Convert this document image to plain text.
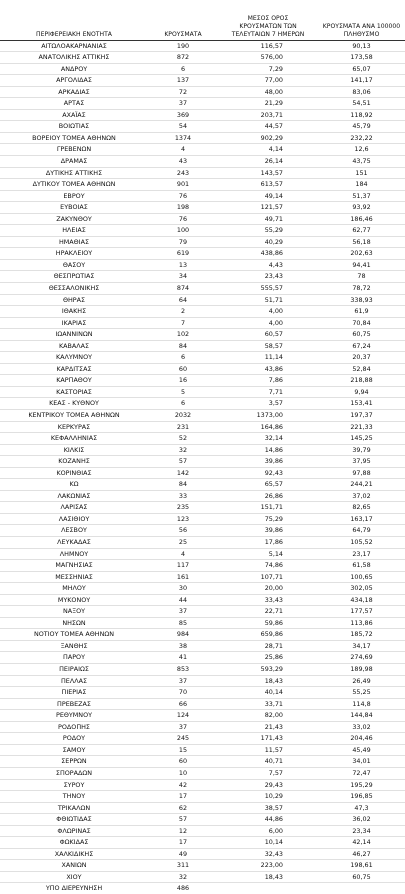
ΠΕΡΙΦΕΡΕΙΑΚΗ ΕΝΟΤΗΤΑ	ΚΡΟΥΣΜΑΤΑ	ΜΕΣΟΣ ΟΡΟΣ ΚΡΟΥΣΜΑΤΩΝ ΤΩΝ ΤΕΛΕΥΤΑΙΩΝ 7 ΗΜΕΡΩΝ	ΚΡΟΥΣΜΑΤΑ ΑΝΑ 100000 ΠΛΗΘΥΣΜΟ
ΑΙΤΩΛΟΑΚΑΡΝΑΝΙΑΣ	190	116,57	90,13
ΑΝΑΤΟΛΙΚΗΣ ΑΤΤΙΚΗΣ	872	576,00	173,58
ΑΝΔΡΟΥ	6	7,29	65,07
ΑΡΓΟΛΙΔΑΣ	137	77,00	141,17
ΑΡΚΑΔΙΑΣ	72	48,00	83,06
ΑΡΤΑΣ	37	21,29	54,51
ΑΧΑΪΑΣ	369	203,71	118,92
ΒΟΙΩΤΙΑΣ	54	44,57	45,79
ΒΟΡΕΙΟΥ ΤΟΜΕΑ ΑΘΗΝΩΝ	1374	902,29	232,22
ΓΡΕΒΕΝΩΝ	4	4,14	12,6
ΔΡΑΜΑΣ	43	26,14	43,75
ΔΥΤΙΚΗΣ ΑΤΤΙΚΗΣ	243	143,57	151
ΔΥΤΙΚΟΥ ΤΟΜΕΑ ΑΘΗΝΩΝ	901	613,57	184
ΕΒΡΟΥ	76	49,14	51,37
ΕΥΒΟΙΑΣ	198	121,57	93,92
ΖΑΚΥΝΘΟΥ	76	49,71	186,46
ΗΛΕΙΑΣ	100	55,29	62,77
ΗΜΑΘΙΑΣ	79	40,29	56,18
ΗΡΑΚΛΕΙΟΥ	619	438,86	202,63
ΘΑΣΟΥ	13	4,43	94,41
ΘΕΣΠΡΩΤΙΑΣ	34	23,43	78
ΘΕΣΣΑΛΟΝΙΚΗΣ	874	555,57	78,72
ΘΗΡΑΣ	64	51,71	338,93
ΙΘΑΚΗΣ	2	4,00	61,9
ΙΚΑΡΙΑΣ	7	4,00	70,84
ΙΩΑΝΝΙΝΩΝ	102	60,57	60,75
ΚΑΒΑΛΑΣ	84	58,57	67,24
ΚΑΛΥΜΝΟΥ	6	11,14	20,37
ΚΑΡΔΙΤΣΑΣ	60	43,86	52,84
ΚΑΡΠΑΘΟΥ	16	7,86	218,88
ΚΑΣΤΟΡΙΑΣ	5	7,71	9,94
ΚΕΑΣ - ΚΥΘΝΟΥ	6	3,57	153,41
ΚΕΝΤΡΙΚΟΥ ΤΟΜΕΑ ΑΘΗΝΩΝ	2032	1373,00	197,37
ΚΕΡΚΥΡΑΣ	231	164,86	221,33
ΚΕΦΑΛΛΗΝΙΑΣ	52	32,14	145,25
ΚΙΛΚΙΣ	32	14,86	39,79
ΚΟΖΑΝΗΣ	57	39,86	37,95
ΚΟΡΙΝΘΙΑΣ	142	92,43	97,88
ΚΩ	84	65,57	244,21
ΛΑΚΩΝΙΑΣ	33	26,86	37,02
ΛΑΡΙΣΑΣ	235	151,71	82,65
ΛΑΣΙΘΙΟΥ	123	75,29	163,17
ΛΕΣΒΟΥ	56	39,86	64,79
ΛΕΥΚΑΔΑΣ	25	17,86	105,52
ΛΗΜΝΟΥ	4	5,14	23,17
ΜΑΓΝΗΣΙΑΣ	117	74,86	61,58
ΜΕΣΣΗΝΙΑΣ	161	107,71	100,65
ΜΗΛΟΥ	30	20,00	302,05
ΜΥΚΟΝΟΥ	44	33,43	434,18
ΝΑΞΟΥ	37	22,71	177,57
ΝΗΣΩΝ	85	59,86	113,86
ΝΟΤΙΟΥ ΤΟΜΕΑ ΑΘΗΝΩΝ	984	659,86	185,72
ΞΑΝΘΗΣ	38	28,71	34,17
ΠΑΡΟΥ	41	25,86	274,69
ΠΕΙΡΑΙΩΣ	853	593,29	189,98
ΠΕΛΛΑΣ	37	18,43	26,49
ΠΙΕΡΙΑΣ	70	40,14	55,25
ΠΡΕΒΕΖΑΣ	66	33,71	114,8
ΡΕΘΥΜΝΟΥ	124	82,00	144,84
ΡΟΔΟΠΗΣ	37	21,43	33,02
ΡΟΔΟΥ	245	171,43	204,46
ΣΑΜΟΥ	15	11,57	45,49
ΣΕΡΡΩΝ	60	40,71	34,01
ΣΠΟΡΑΔΩΝ	10	7,57	72,47
ΣΥΡΟΥ	42	29,43	195,29
ΤΗΝΟΥ	17	10,29	196,85
ΤΡΙΚΑΛΩΝ	62	38,57	47,3
ΦΘΙΩΤΙΔΑΣ	57	44,86	36,02
ΦΛΩΡΙΝΑΣ	12	6,00	23,34
ΦΩΚΙΔΑΣ	17	10,14	42,14
ΧΑΛΚΙΔΙΚΗΣ	49	32,43	46,27
ΧΑΝΙΩΝ	311	223,00	198,61
ΧΙΟΥ	32	18,43	60,75
ΥΠΟ ΔΙΕΡΕΥΝΗΣΗ	486		
